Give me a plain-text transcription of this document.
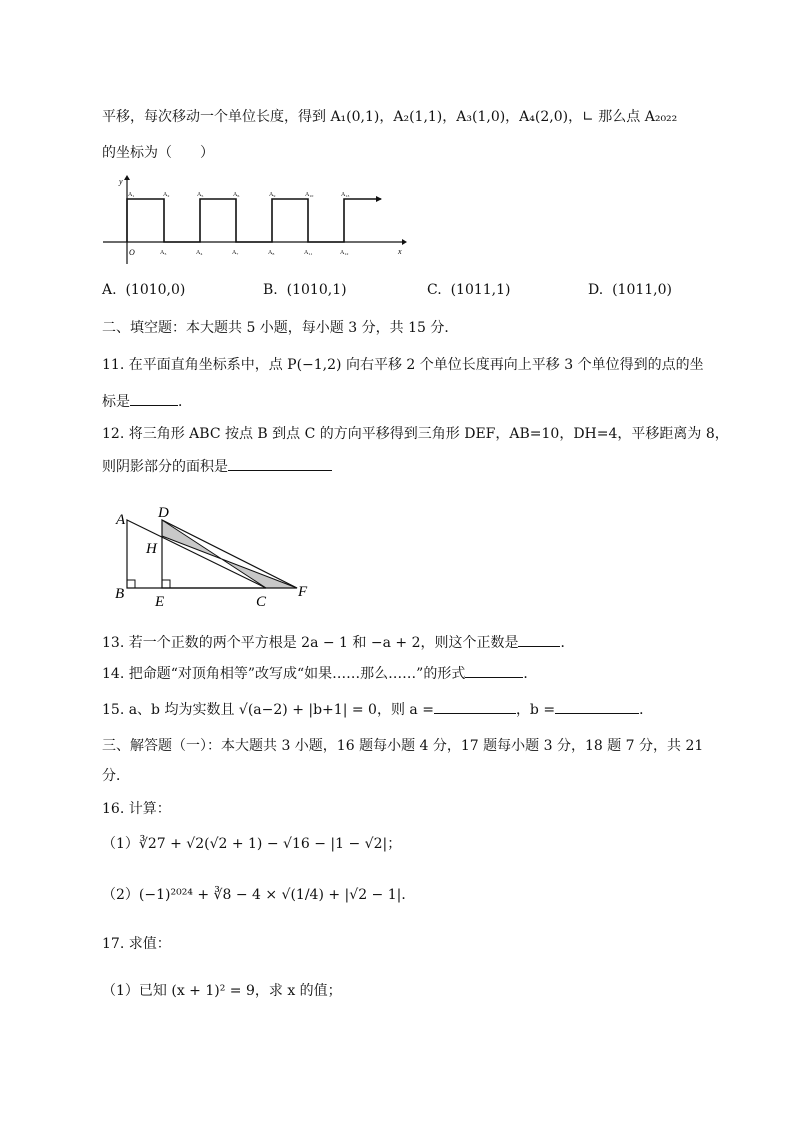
平移，每次移动一个单位长度，得到 A₁(0,1)，A₂(1,1)，A₃(1,0)，A₄(2,0)，∟ 那么点 A₂₀₂₂
的坐标为（　　）
y
x
O
A₁	A₂	A₅	A₆	A₉	A₁₀	A₁₃
A₃	A₄	A₇	A₈	A₁₁	A₁₂
A. (1010,0)	B. (1010,1)	C. (1011,1)	D. (1011,0)
二、填空题：本大题共 5 小题，每小题 3 分，共 15 分．
11. 在平面直角坐标系中，点 P(−1,2) 向右平移 2 个单位长度再向上平移 3 个单位得到的点的坐
标是	．
12. 将三角形 ABC 按点 B 到点 C 的方向平移得到三角形 DEF，AB=10，DH=4，平移距离为 8，
则阴影部分的面积是
A D
H
B E	C
F
13. 若一个正数的两个平方根是 2a − 1 和 −a + 2，则这个正数是	．
14. 把命题“对顶角相等”改写成“如果……那么……”的形式	．
15. a、b 均为实数且 √(a−2) + |b+1| = 0，则 a =	，b =	．
三、解答题（一）：本大题共 3 小题，16 题每小题 4 分，17 题每小题 3 分，18 题 7 分，共 21
分．
16. 计算：
（1）∛27 + √2(√2 + 1) − √16 − |1 − √2|；
（2）(−1)²⁰²⁴ + ∛8 − 4 × √(1/4) + |√2 − 1|．
17. 求值：
（1）已知 (x + 1)² = 9，求 x 的值；
